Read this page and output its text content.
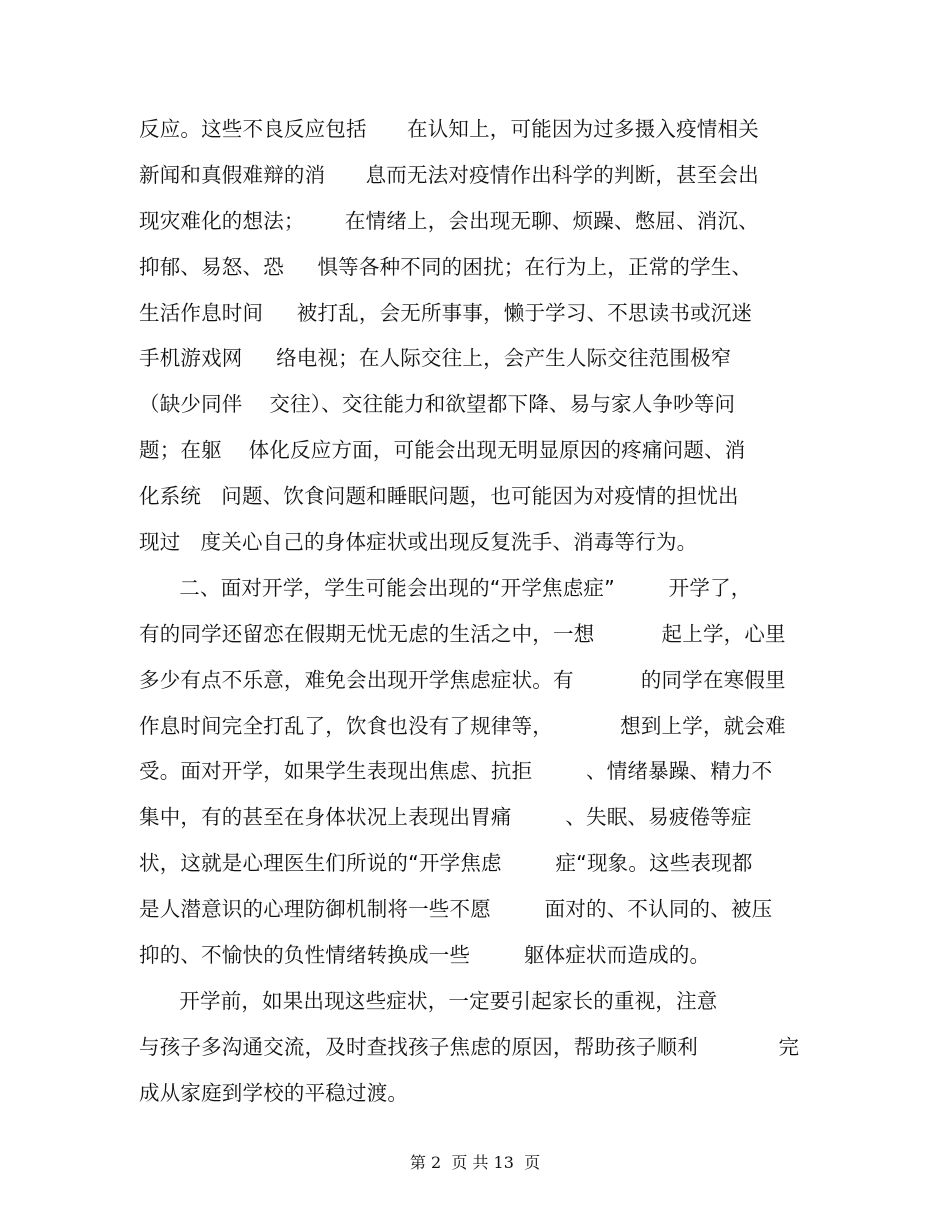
反应。这些不良反应包括      在认知上，可能因为过多摄入疫情相关
新闻和真假难辩的消      息而无法对疫情作出科学的判断，甚至会出
现灾难化的想法；      在情绪上，会出现无聊、烦躁、憋屈、消沉、
抑郁、易怒、恐     惧等各种不同的困扰；在行为上，正常的学生、
生活作息时间     被打乱，会无所事事，懒于学习、不思读书或沉迷
手机游戏网     络电视；在人际交往上，会产生人际交往范围极窄
（缺少同伴    交往）、交往能力和欲望都下降、易与家人争吵等问
题；在躯    体化反应方面，可能会出现无明显原因的疼痛问题、消
化系统   问题、饮食问题和睡眠问题，也可能因为对疫情的担忧出
现过   度关心自己的身体症状或出现反复洗手、消毒等行为。
二、面对开学，学生可能会出现的“开学焦虑症”        开学了，
有的同学还留恋在假期无忧无虑的生活之中，一想          起上学，心里
多少有点不乐意，难免会出现开学焦虑症状。有          的同学在寒假里
作息时间完全打乱了，饮食也没有了规律等，          想到上学，就会难
受。面对开学，如果学生表现出焦虑、抗拒        、情绪暴躁、精力不
集中，有的甚至在身体状况上表现出胃痛        、失眠、易疲倦等症
状，这就是心理医生们所说的“开学焦虑        症“现象。这些表现都
是人潜意识的心理防御机制将一些不愿        面对的、不认同的、被压
抑的、不愉快的负性情绪转换成一些        躯体症状而造成的。
开学前，如果出现这些症状，一定要引起家长的重视，注意
与孩子多沟通交流，及时查找孩子焦虑的原因，帮助孩子顺利            完
成从家庭到学校的平稳过渡。
第 2  页 共 13  页
